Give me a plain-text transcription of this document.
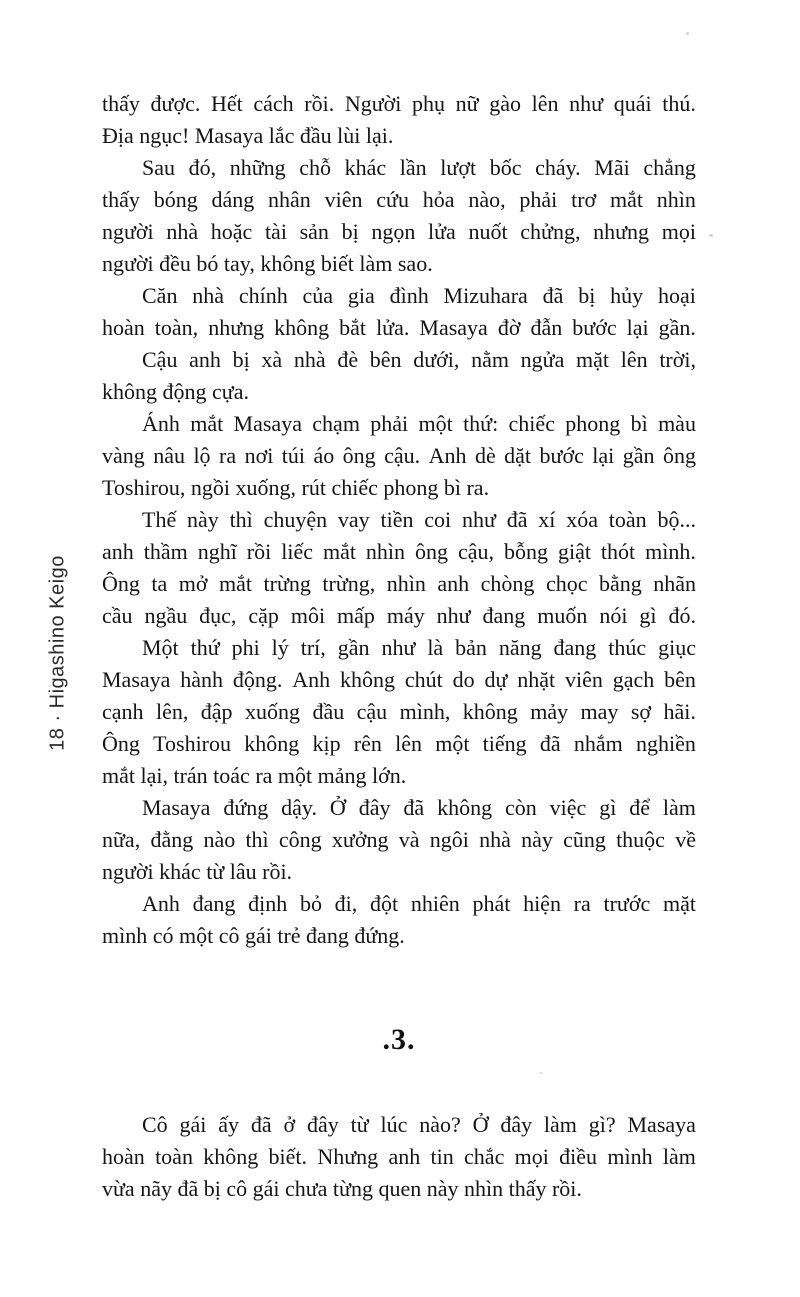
18 · Higashino Keigo
thấy được. Hết cách rồi. Người phụ nữ gào lên như quái thú.
Địa ngục! Masaya lắc đầu lùi lại.
Sau đó, những chỗ khác lần lượt bốc cháy. Mãi chẳng
thấy bóng dáng nhân viên cứu hỏa nào, phải trơ mắt nhìn
người nhà hoặc tài sản bị ngọn lửa nuốt chửng, nhưng mọi
người đều bó tay, không biết làm sao.
Căn nhà chính của gia đình Mizuhara đã bị hủy hoại
hoàn toàn, nhưng không bắt lửa. Masaya đờ đẫn bước lại gần.
Cậu anh bị xà nhà đè bên dưới, nằm ngửa mặt lên trời,
không động cựa.
Ánh mắt Masaya chạm phải một thứ: chiếc phong bì màu
vàng nâu lộ ra nơi túi áo ông cậu. Anh dè dặt bước lại gần ông
Toshirou, ngồi xuống, rút chiếc phong bì ra.
Thế này thì chuyện vay tiền coi như đã xí xóa toàn bộ...
anh thầm nghĩ rồi liếc mắt nhìn ông cậu, bỗng giật thót mình.
Ông ta mở mắt trừng trừng, nhìn anh chòng chọc bằng nhãn
cầu ngầu đục, cặp môi mấp máy như đang muốn nói gì đó.
Một thứ phi lý trí, gần như là bản năng đang thúc giục
Masaya hành động. Anh không chút do dự nhặt viên gạch bên
cạnh lên, đập xuống đầu cậu mình, không mảy may sợ hãi.
Ông Toshirou không kịp rên lên một tiếng đã nhắm nghiền
mắt lại, trán toác ra một mảng lớn.
Masaya đứng dậy. Ở đây đã không còn việc gì để làm
nữa, đằng nào thì công xưởng và ngôi nhà này cũng thuộc về
người khác từ lâu rồi.
Anh đang định bỏ đi, đột nhiên phát hiện ra trước mặt
mình có một cô gái trẻ đang đứng.
.3.
Cô gái ấy đã ở đây từ lúc nào? Ở đây làm gì? Masaya
hoàn toàn không biết. Nhưng anh tin chắc mọi điều mình làm
vừa nãy đã bị cô gái chưa từng quen này nhìn thấy rồi.
